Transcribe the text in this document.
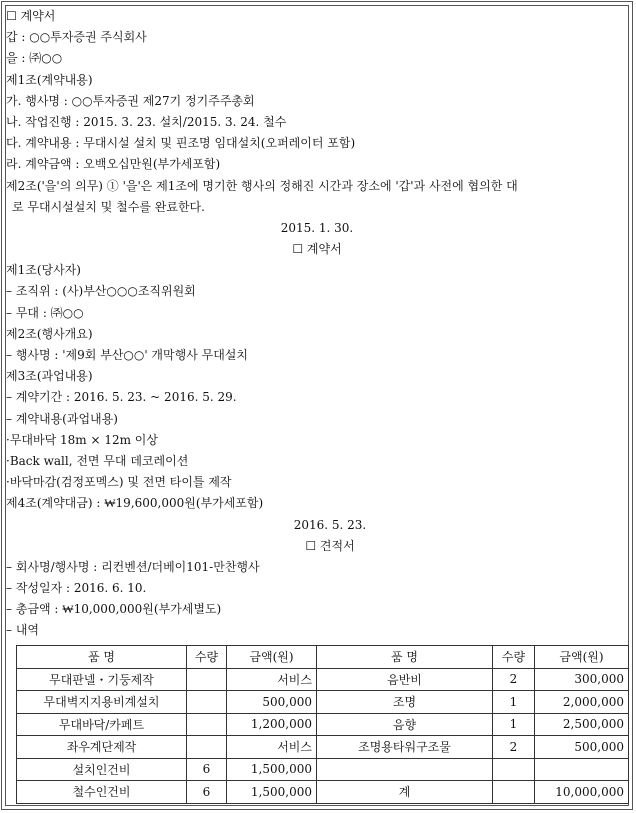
☐ 계약서
갑 : ○○투자증권 주식회사
을 : ㈜○○
제1조(계약내용)
가. 행사명 : ○○투자증권 제27기 정기주주총회
나. 작업진행 : 2015. 3. 23. 설치/2015. 3. 24. 철수
다. 계약내용 : 무대시설 설치 및 핀조명 임대설치(오퍼레이터 포함)
라. 계약금액 : 오백오십만원(부가세포함)
제2조('을'의 의무) ① '을'은 제1조에 명기한 행사의 정해진 시간과 장소에 '갑'과 사전에 협의한 대
로 무대시설설치 및 철수를 완료한다.
2015. 1. 30.
☐ 계약서
제1조(당사자)
– 조직위 : (사)부산○○○조직위원회
– 무대 : ㈜○○
제2조(행사개요)
– 행사명 : '제9회 부산○○' 개막행사 무대설치
제3조(과업내용)
– 계약기간 : 2016. 5. 23. ~ 2016. 5. 29.
– 계약내용(과업내용)
·무대바닥 18m × 12m 이상
·Back wall, 전면 무대 데코레이션
·바닥마감(검정포멕스) 및 전면 타이틀 제작
제4조(계약대금) : ₩19,600,000원(부가세포함)
2016. 5. 23.
☐ 견적서
– 회사명/행사명 : 리컨벤션/더베이101-만찬행사
– 작성일자 : 2016. 6. 10.
– 총금액 : ₩10,000,000원(부가세별도)
– 내역
품 명	수량	금액(원)	품 명	수량	금액(원)
무대판넬・기둥제작		서비스	음반비	2	300,000
무대벽지지용비계설치		500,000	조명	1	2,000,000
무대바닥/카페트		1,200,000	음향	1	2,500,000
좌우계단제작		서비스	조명용타워구조물	2	500,000
설치인건비	6	1,500,000			
철수인건비	6	1,500,000	계		10,000,000
